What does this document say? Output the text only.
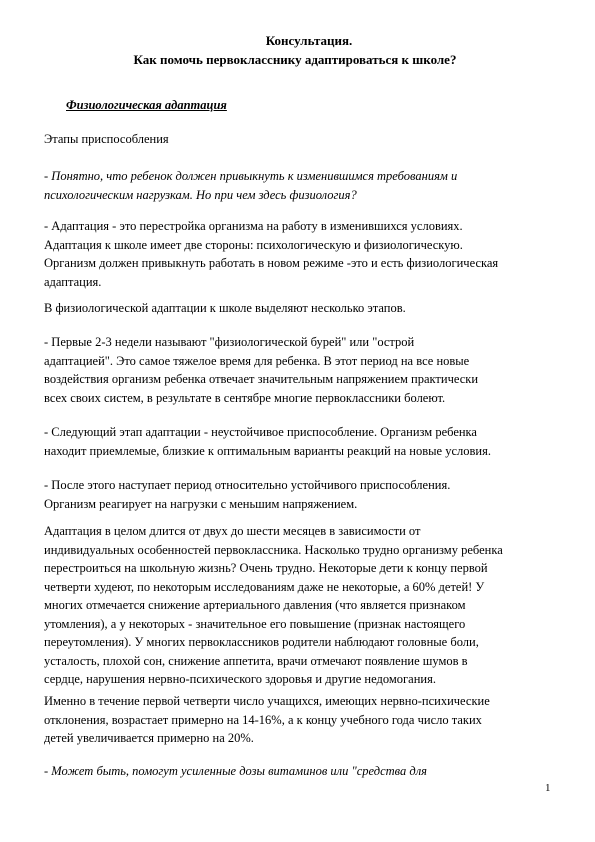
Консультация.
Как помочь первокласснику адаптироваться к школе?
Физиологическая адаптация
Этапы приспособления
- Понятно, что ребенок должен привыкнуть к изменившимся требованиям и
психологическим нагрузкам. Но при чем здесь физиология?
- Адаптация - это перестройка организма на работу в изменившихся условиях.
Адаптация к школе имеет две стороны: психологическую и физиологическую.
Организм должен привыкнуть работать в новом режиме -это и есть физиологическая
адаптация.
В физиологической адаптации к школе выделяют несколько этапов.
- Первые 2-3 недели называют "физиологической бурей" или "острой
адаптацией". Это самое тяжелое время для ребенка. В этот период на все новые
воздействия организм ребенка отвечает значительным напряжением практически
всех своих систем, в результате в сентябре многие первоклассники болеют.
- Следующий этап адаптации - неустойчивое приспособление. Организм ребенка
находит приемлемые, близкие к оптимальным варианты реакций на новые условия.
- После этого наступает период относительно устойчивого приспособления.
Организм реагирует на нагрузки с меньшим напряжением.
Адаптация в целом длится от двух до шести месяцев в зависимости от
индивидуальных особенностей первоклассника. Насколько трудно организму ребенка
перестроиться на школьную жизнь? Очень трудно. Некоторые дети к концу первой
четверти худеют, по некоторым исследованиям даже не некоторые, а 60% детей! У
многих отмечается снижение артериального давления (что является признаком
утомления), а у некоторых - значительное его повышение (признак настоящего
переутомления). У многих первоклассников родители наблюдают головные боли,
усталость, плохой сон, снижение аппетита, врачи отмечают появление шумов в
сердце, нарушения нервно-психического здоровья и другие недомогания.
Именно в течение первой четверти число учащихся, имеющих нервно-психические
отклонения, возрастает примерно на 14-16%, а к концу учебного года число таких
детей увеличивается примерно на 20%.
- Может быть, помогут усиленные дозы витаминов или "средства для
1
